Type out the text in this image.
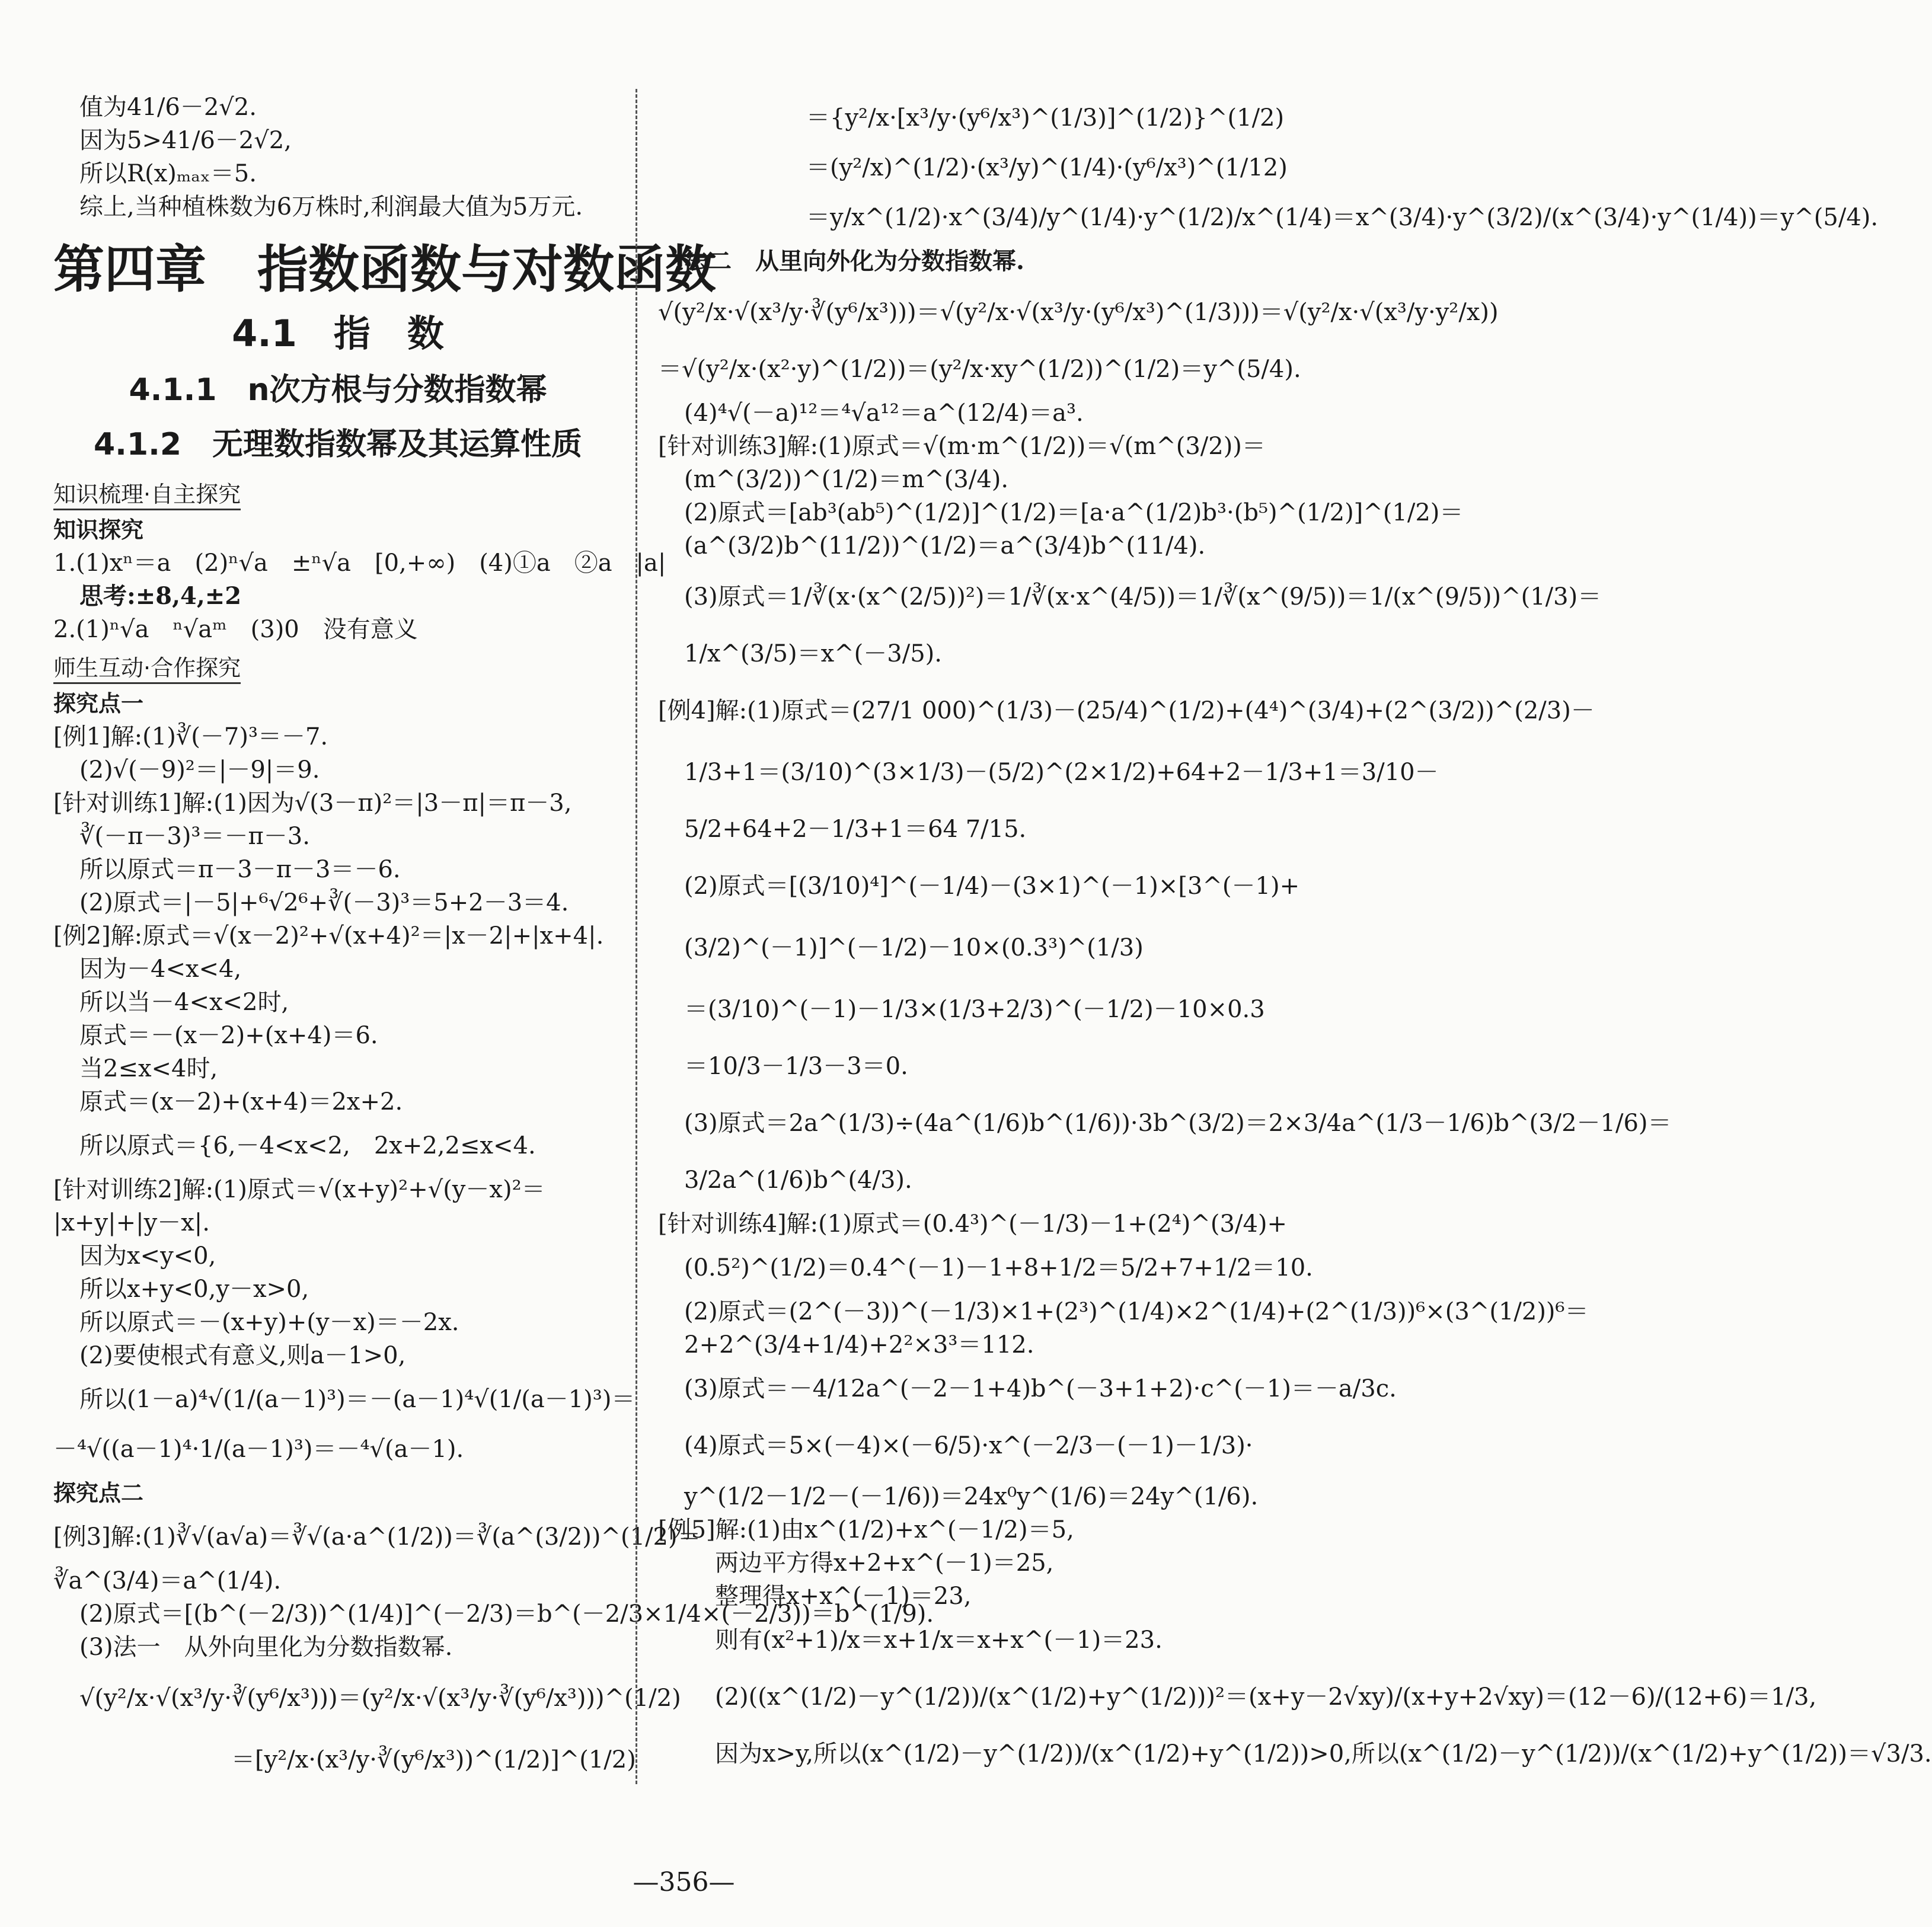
值为41/6－2√2.
因为5>41/6－2√2,
所以R(x)ₘₐₓ＝5.
综上,当种植株数为6万株时,利润最大值为5万元.
第四章　指数函数与对数函数
4.1　指　数
4.1.1　n次方根与分数指数幂
4.1.2　无理数指数幂及其运算性质
知识梳理·自主探究
知识探究
1.(1)xⁿ＝a　(2)ⁿ√a　±ⁿ√a　[0,+∞)　(4)①a　②a　|a|
思考:±8,4,±2
2.(1)ⁿ√a　ⁿ√aᵐ　(3)0　没有意义
师生互动·合作探究
探究点一
[例1]解:(1)∛(－7)³＝－7.
(2)√(－9)²＝|－9|＝9.
[针对训练1]解:(1)因为√(3－π)²＝|3－π|＝π－3,
∛(－π－3)³＝－π－3.
所以原式＝π－3－π－3＝－6.
(2)原式＝|－5|+⁶√2⁶+∛(－3)³＝5+2－3＝4.
[例2]解:原式＝√(x－2)²+√(x+4)²＝|x－2|+|x+4|.
因为－4<x<4,
所以当－4<x<2时,
原式＝－(x－2)+(x+4)＝6.
当2≤x<4时,
原式＝(x－2)+(x+4)＝2x+2.
所以原式＝{6,－4<x<2,　2x+2,2≤x<4.
[针对训练2]解:(1)原式＝√(x+y)²+√(y－x)²＝
|x+y|+|y－x|.
因为x<y<0,
所以x+y<0,y－x>0,
所以原式＝－(x+y)+(y－x)＝－2x.
(2)要使根式有意义,则a－1>0,
所以(1－a)⁴√(1/(a－1)³)＝－(a－1)⁴√(1/(a－1)³)＝
－⁴√((a－1)⁴·1/(a－1)³)＝－⁴√(a－1).
探究点二
[例3]解:(1)∛√(a√a)＝∛√(a·a^(1/2))＝∛(a^(3/2))^(1/2)＝
∛a^(3/4)＝a^(1/4).
(2)原式＝[(b^(－2/3))^(1/4)]^(－2/3)＝b^(－2/3×1/4×(－2/3))＝b^(1/9).
(3)法一　从外向里化为分数指数幂.
√(y²/x·√(x³/y·∛(y⁶/x³)))＝(y²/x·√(x³/y·∛(y⁶/x³)))^(1/2)
＝[y²/x·(x³/y·∛(y⁶/x³))^(1/2)]^(1/2)
＝{y²/x·[x³/y·(y⁶/x³)^(1/3)]^(1/2)}^(1/2)
＝(y²/x)^(1/2)·(x³/y)^(1/4)·(y⁶/x³)^(1/12)
＝y/x^(1/2)·x^(3/4)/y^(1/4)·y^(1/2)/x^(1/4)＝x^(3/4)·y^(3/2)/(x^(3/4)·y^(1/4))＝y^(5/4).
法二　从里向外化为分数指数幂.
√(y²/x·√(x³/y·∛(y⁶/x³)))＝√(y²/x·√(x³/y·(y⁶/x³)^(1/3)))＝√(y²/x·√(x³/y·y²/x))
＝√(y²/x·(x²·y)^(1/2))＝(y²/x·xy^(1/2))^(1/2)＝y^(5/4).
(4)⁴√(－a)¹²＝⁴√a¹²＝a^(12/4)＝a³.
[针对训练3]解:(1)原式＝√(m·m^(1/2))＝√(m^(3/2))＝
(m^(3/2))^(1/2)＝m^(3/4).
(2)原式＝[ab³(ab⁵)^(1/2)]^(1/2)＝[a·a^(1/2)b³·(b⁵)^(1/2)]^(1/2)＝
(a^(3/2)b^(11/2))^(1/2)＝a^(3/4)b^(11/4).
(3)原式＝1/∛(x·(x^(2/5))²)＝1/∛(x·x^(4/5))＝1/∛(x^(9/5))＝1/(x^(9/5))^(1/3)＝
1/x^(3/5)＝x^(－3/5).
[例4]解:(1)原式＝(27/1 000)^(1/3)－(25/4)^(1/2)+(4⁴)^(3/4)+(2^(3/2))^(2/3)－
1/3+1＝(3/10)^(3×1/3)－(5/2)^(2×1/2)+64+2－1/3+1＝3/10－
5/2+64+2－1/3+1＝64 7/15.
(2)原式＝[(3/10)⁴]^(－1/4)－(3×1)^(－1)×[3^(－1)+
(3/2)^(－1)]^(－1/2)－10×(0.3³)^(1/3)
＝(3/10)^(－1)－1/3×(1/3+2/3)^(－1/2)－10×0.3
＝10/3－1/3－3＝0.
(3)原式＝2a^(1/3)÷(4a^(1/6)b^(1/6))·3b^(3/2)＝2×3/4a^(1/3－1/6)b^(3/2－1/6)＝
3/2a^(1/6)b^(4/3).
[针对训练4]解:(1)原式＝(0.4³)^(－1/3)－1+(2⁴)^(3/4)+
(0.5²)^(1/2)＝0.4^(－1)－1+8+1/2＝5/2+7+1/2＝10.
(2)原式＝(2^(－3))^(－1/3)×1+(2³)^(1/4)×2^(1/4)+(2^(1/3))⁶×(3^(1/2))⁶＝
2+2^(3/4+1/4)+2²×3³＝112.
(3)原式＝－4/12a^(－2－1+4)b^(－3+1+2)·c^(－1)＝－a/3c.
(4)原式＝5×(－4)×(－6/5)·x^(－2/3－(－1)－1/3)·
y^(1/2－1/2－(－1/6))＝24x⁰y^(1/6)＝24y^(1/6).
[例5]解:(1)由x^(1/2)+x^(－1/2)＝5,
两边平方得x+2+x^(－1)＝25,
整理得x+x^(－1)＝23,
则有(x²+1)/x＝x+1/x＝x+x^(－1)＝23.
(2)((x^(1/2)－y^(1/2))/(x^(1/2)+y^(1/2)))²＝(x+y－2√xy)/(x+y+2√xy)＝(12－6)/(12+6)＝1/3,
因为x>y,所以(x^(1/2)－y^(1/2))/(x^(1/2)+y^(1/2))>0,所以(x^(1/2)－y^(1/2))/(x^(1/2)+y^(1/2))＝√3/3.
—356—
